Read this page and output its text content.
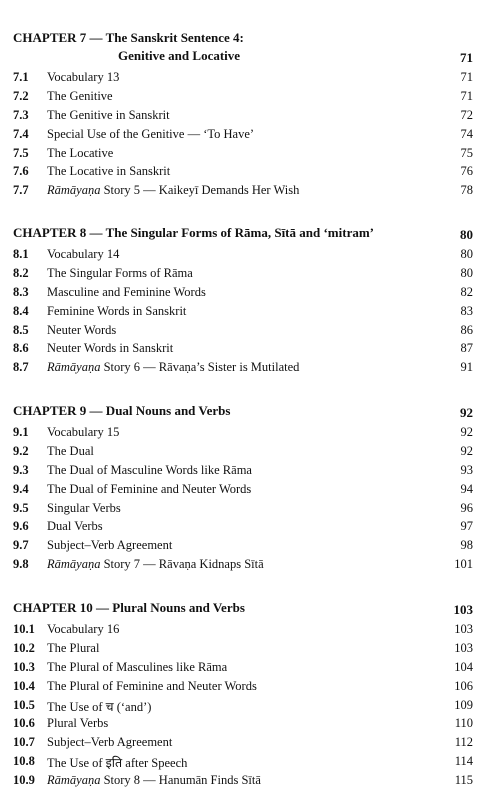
CHAPTER 7 — The Sanskrit Sentence 4:
Genitive and Locative	71
7.1 Vocabulary 13	71
7.2 The Genitive	71
7.3 The Genitive in Sanskrit	72
7.4 Special Use of the Genitive — ‘To Have’	74
7.5 The Locative	75
7.6 The Locative in Sanskrit	76
7.7 Rāmāyaṇa Story 5 — Kaikeyī Demands Her Wish	78
CHAPTER 8 — The Singular Forms of Rāma, Sītā and ‘mitram’	80
8.1 Vocabulary 14	80
8.2 The Singular Forms of Rāma	80
8.3 Masculine and Feminine Words	82
8.4 Feminine Words in Sanskrit	83
8.5 Neuter Words	86
8.6 Neuter Words in Sanskrit	87
8.7 Rāmāyaṇa Story 6 — Rāvaṇa’s Sister is Mutilated	91
CHAPTER 9 — Dual Nouns and Verbs	92
9.1 Vocabulary 15	92
9.2 The Dual	92
9.3 The Dual of Masculine Words like Rāma	93
9.4 The Dual of Feminine and Neuter Words	94
9.5 Singular Verbs	96
9.6 Dual Verbs	97
9.7 Subject–Verb Agreement	98
9.8 Rāmāyaṇa Story 7 — Rāvaṇa Kidnaps Sītā	101
CHAPTER 10 — Plural Nouns and Verbs	103
10.1 Vocabulary 16	103
10.2 The Plural	103
10.3 The Plural of Masculines like Rāma	104
10.4 The Plural of Feminine and Neuter Words	106
10.5 The Use of च (‘and’)	109
10.6 Plural Verbs	110
10.7 Subject–Verb Agreement	112
10.8 The Use of इति after Speech	114
10.9 Rāmāyaṇa Story 8 — Hanumān Finds Sītā	115
